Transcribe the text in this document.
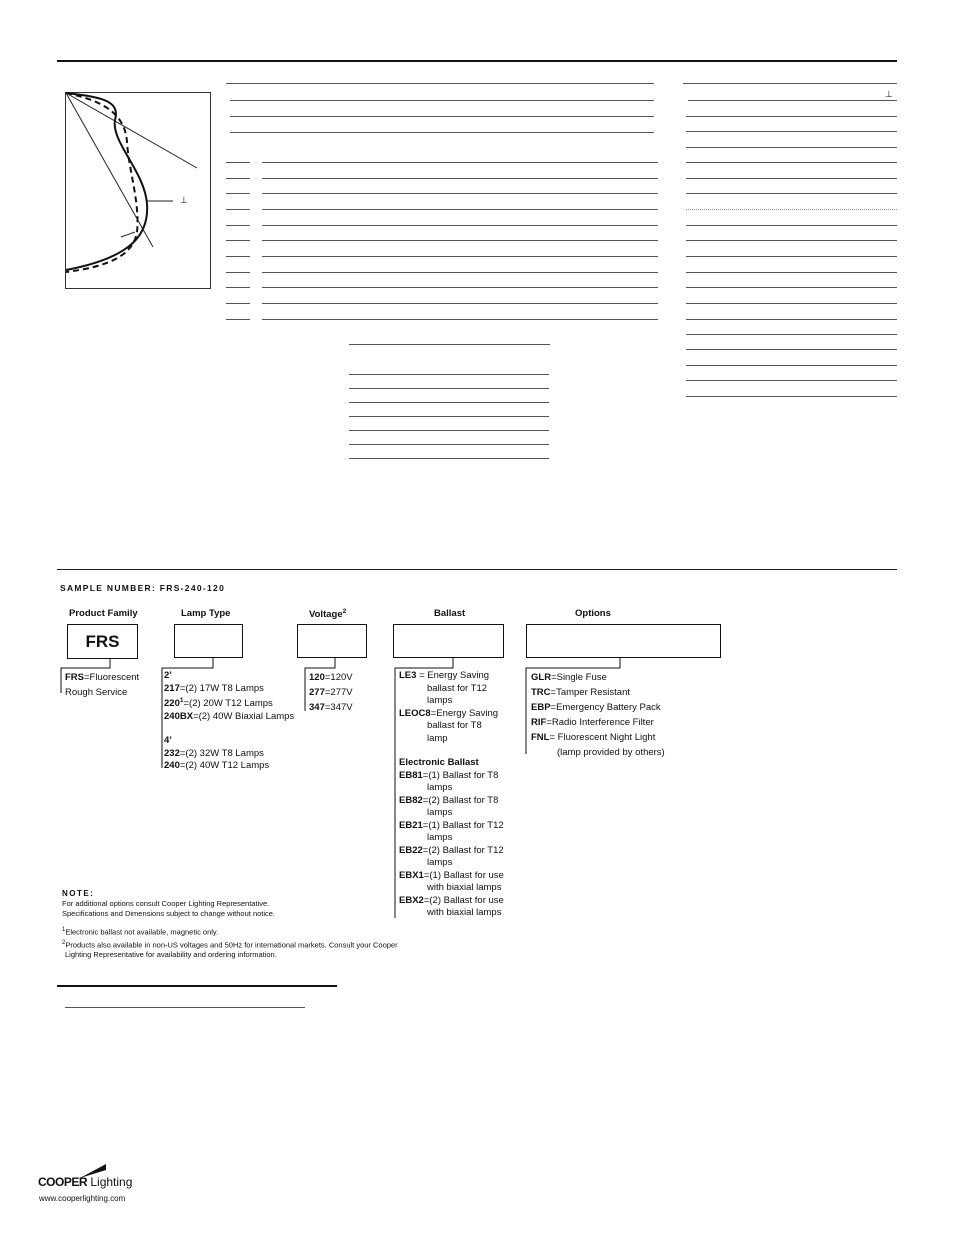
⊥
⊥
SAMPLE NUMBER: FRS-240-120
Product Family	Lamp Type	Voltage$^2$	Ballast	Options
FRS
FRS=Fluorescent
Rough Service
2’
217=(2) 17W T8 Lamps
$220^1=(2)$ 20W T12 Lamps
240BX=(2) 40W Biaxial Lamps
4’
232=(2) 32W T8 Lamps
240=(2) 40W T12 Lamps
120=120V
277=277V
347=347V
LE3 = Energy Saving
ballast for T12
lamps
LEOC8=Energy Saving
ballast for T8
lamp
Electronic Ballast
EB81=(1) Ballast for T8
lamps
EB82=(2) Ballast for T8
lamps
EB21=(1) Ballast for T12
lamps
EB22=(2) Ballast for T12
lamps
EBX1=(1) Ballast for use
with biaxial lamps
EBX2=(2) Ballast for use
with biaxial lamps
GLR=Single Fuse
TRC=Tamper Resistant
EBP=Emergency Battery Pack
RIF=Radio Interference Filter
FNL= Fluorescent Night Light
(lamp provided by others)
NOTE:
For additional options consult Cooper Lighting Representative.
Specifications and Dimensions subject to change without notice.
$^1$Electronic ballast not available, magnetic only.
$^2$Products also available in non-US voltages and 50Hz for international markets. Consult your Cooper
Lighting Representative for availability and ordering information.
COOPER Lighting
www.cooperlighting.com
